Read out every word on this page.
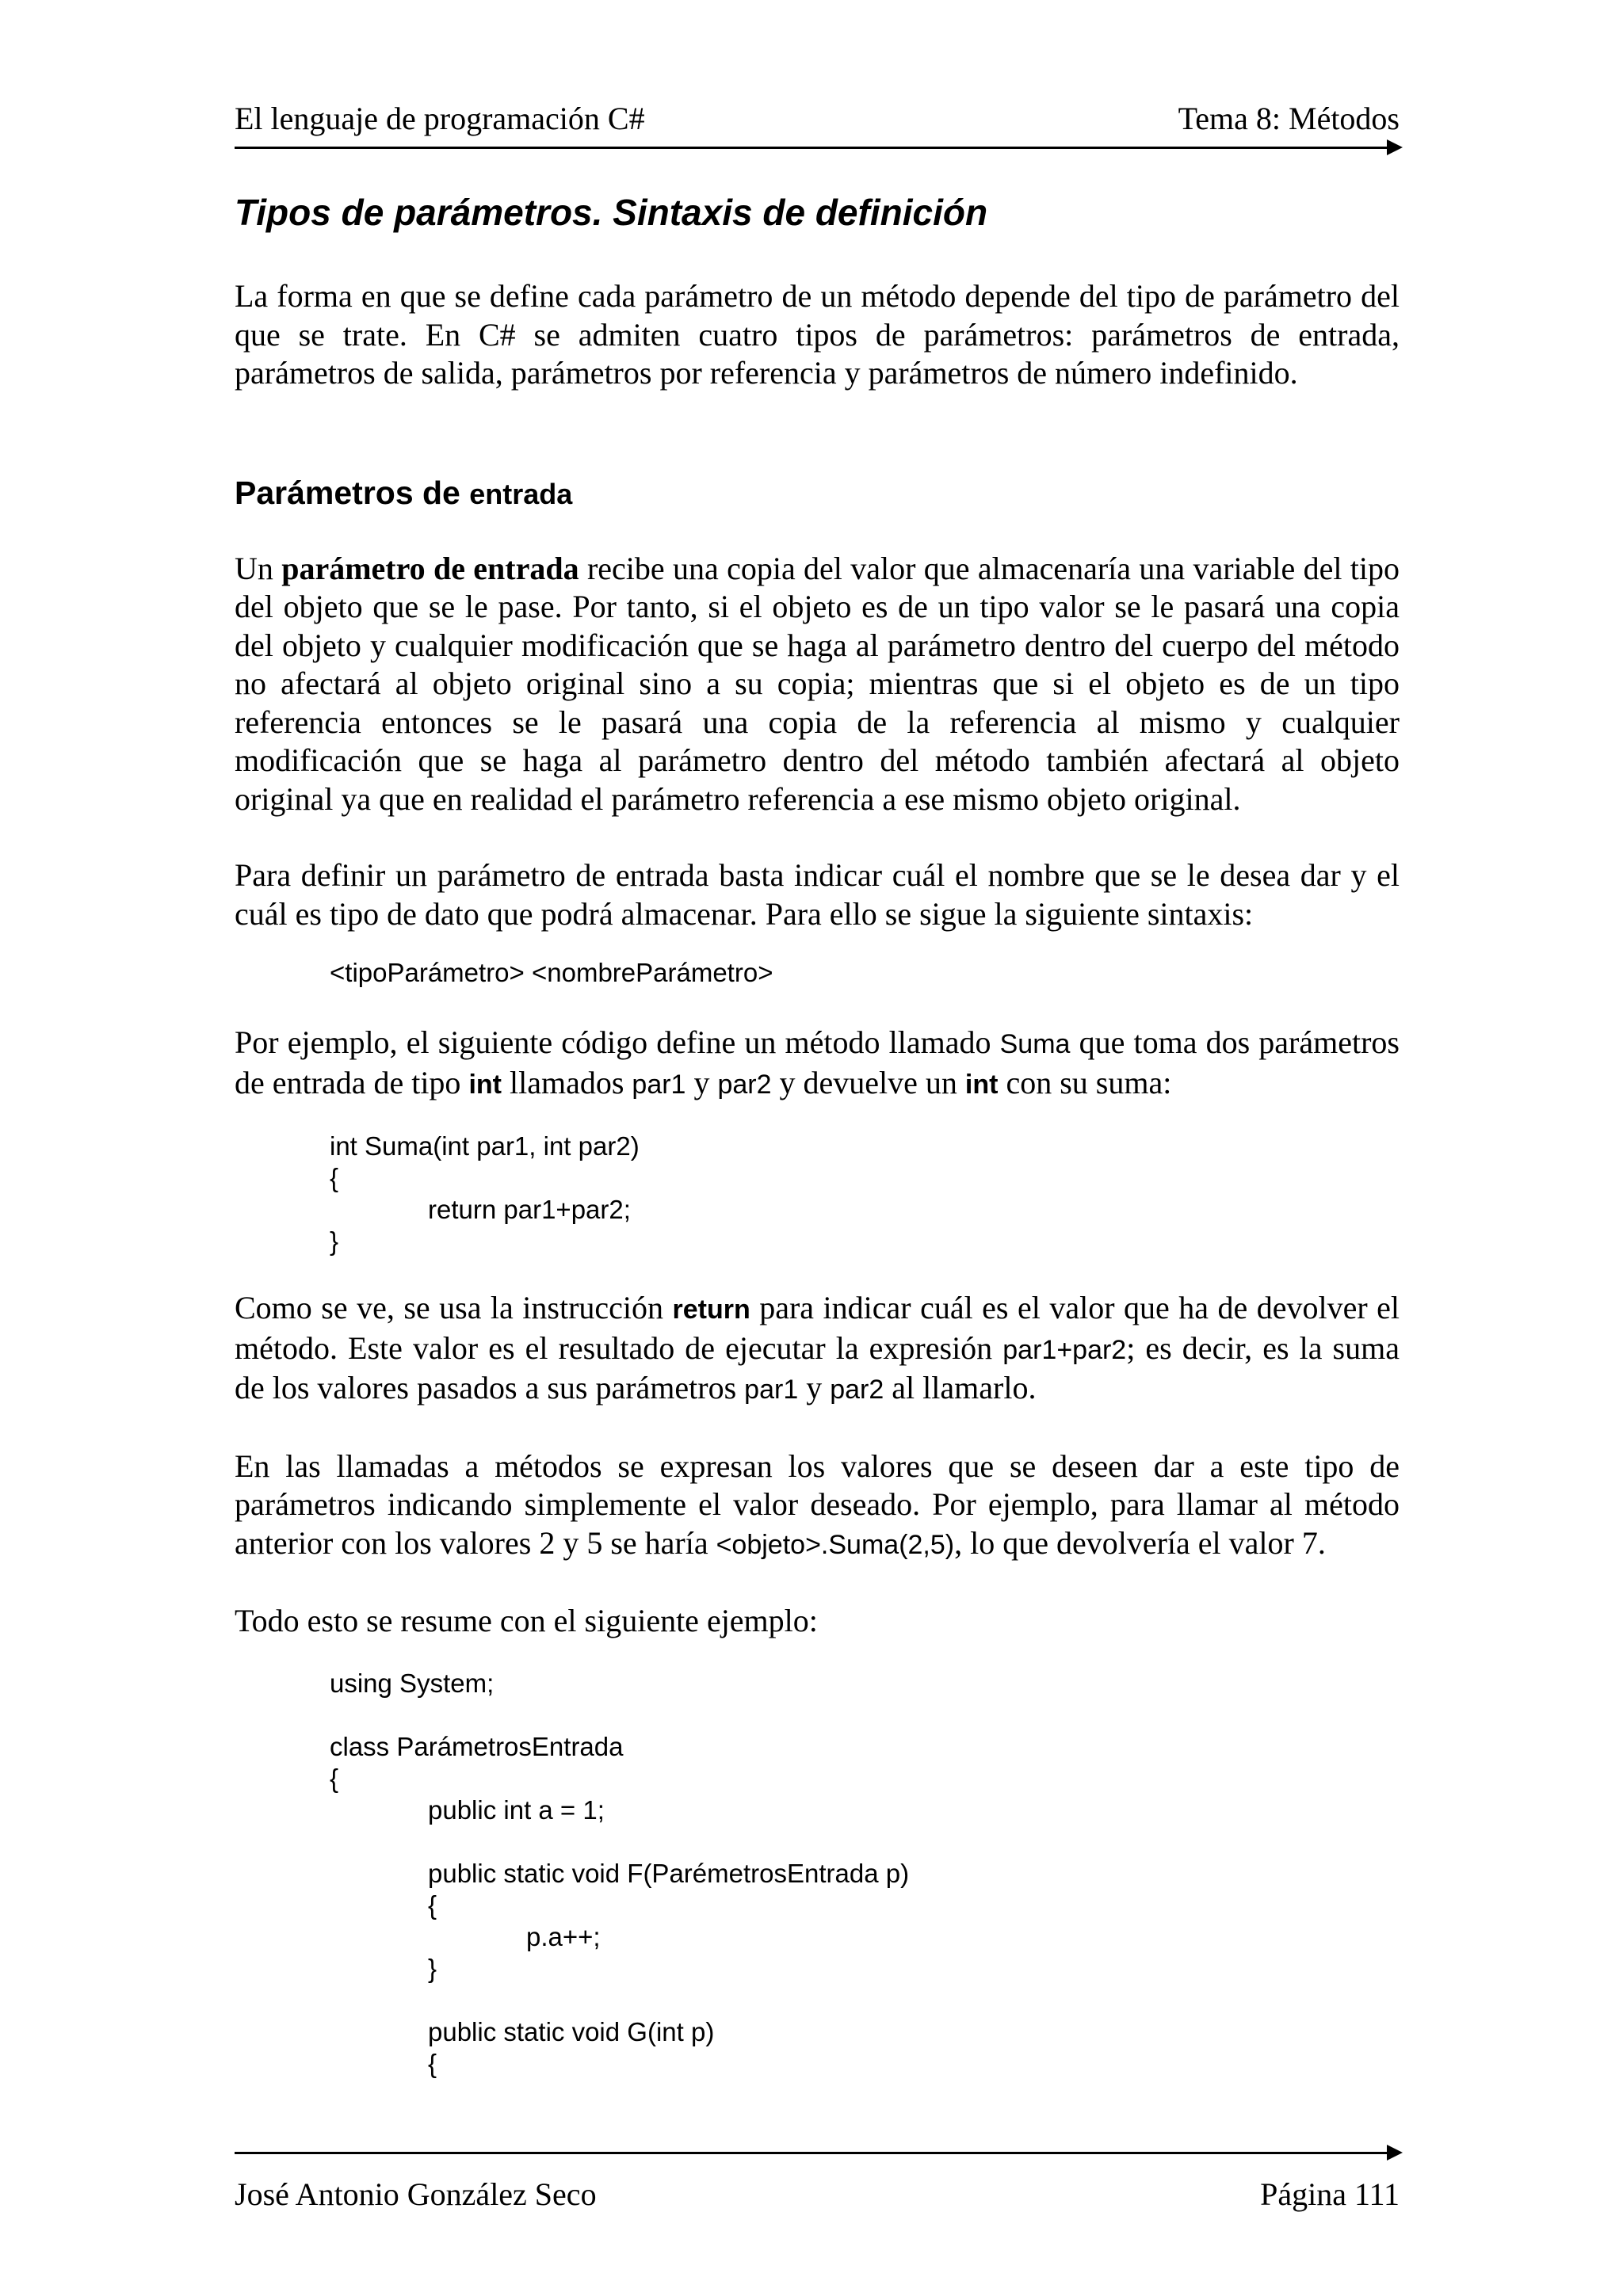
El lenguaje de programación C#	Tema 8: Métodos
Tipos de parámetros. Sintaxis de definición

La forma en que se define cada parámetro de un método depende del tipo de parámetro del que se trate. En C# se admiten cuatro tipos de parámetros: parámetros de entrada, parámetros de salida, parámetros por referencia y parámetros de número indefinido.

Parámetros de entrada

Un parámetro de entrada recibe una copia del valor que almacenaría una variable del tipo del objeto que se le pase. Por tanto, si el objeto es de un tipo valor se le pasará una copia del objeto y cualquier modificación que se haga al parámetro dentro del cuerpo del método no afectará al objeto original sino a su copia; mientras que si el objeto es de un tipo referencia entonces se le pasará una copia de la referencia al mismo y cualquier modificación que se haga al parámetro dentro del método también afectará al objeto original ya que en realidad el parámetro referencia a ese mismo objeto original.

Para definir un parámetro de entrada basta indicar cuál el nombre que se le desea dar y el cuál es tipo de dato que podrá almacenar. Para ello se sigue la siguiente sintaxis:

<tipoParámetro> <nombreParámetro>

Por ejemplo, el siguiente código define un método llamado Suma que toma dos parámetros de entrada de tipo int llamados par1 y par2 y devuelve un int con su suma:

int Suma(int par1, int par2)
{
return par1+par2;
}

Como se ve, se usa la instrucción return para indicar cuál es el valor que ha de devolver el método. Este valor es el resultado de ejecutar la expresión par1+par2; es decir, es la suma de los valores pasados a sus parámetros par1 y par2 al llamarlo.

En las llamadas a métodos se expresan los valores que se deseen dar a este tipo de parámetros indicando simplemente el valor deseado. Por ejemplo, para llamar al método anterior con los valores 2 y 5 se haría <objeto>.Suma(2,5), lo que devolvería el valor 7.

Todo esto se resume con el siguiente ejemplo:

using System;
class ParámetrosEntrada
{
public int a = 1;
public static void F(ParémetrosEntrada p)
{
p.a++;
}
public static void G(int p)
{
José Antonio González Seco	Página 111
